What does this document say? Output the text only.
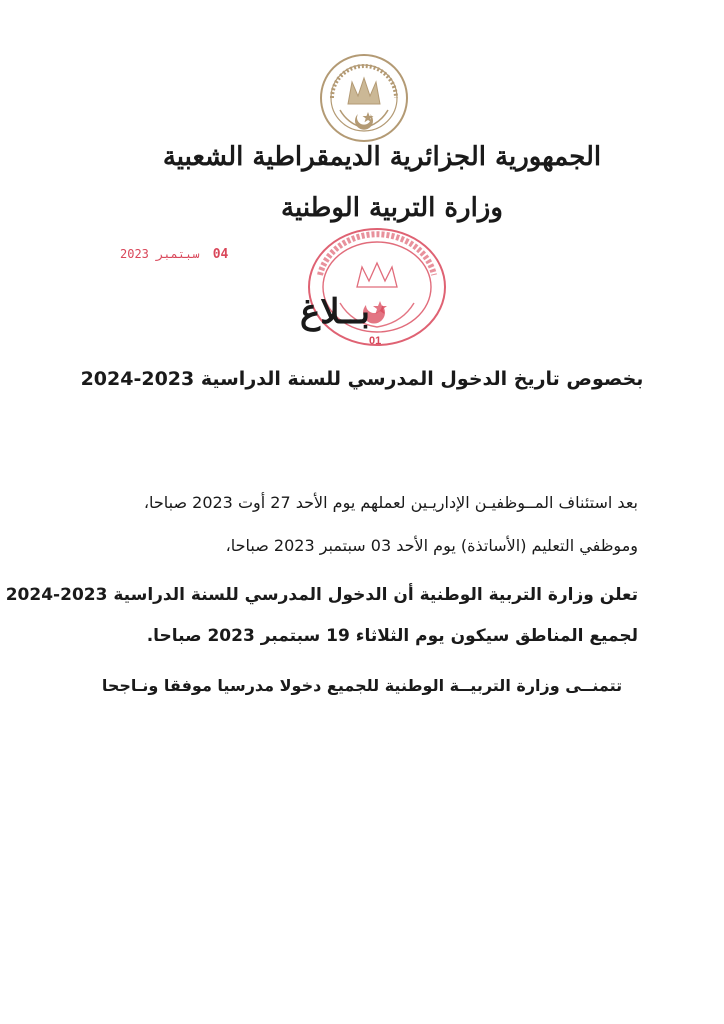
الجمهورية الجزائرية الديمقراطية الشعبية
وزارة التربية الوطنية
04 سبتمبر 2023
01
بــلاغ
بخصوص تاريخ الدخول المدرسي للسنة الدراسية 2023-2024
بعد استئناف المــوظفيـن الإداريـين لعملهم يوم الأحد 27 أوت 2023 صباحا،
وموظفي التعليم (الأساتذة) يوم الأحد 03 سبتمبر 2023 صباحا،
تعلن وزارة التربية الوطنية أن الدخول المدرسي للسنة الدراسية 2023-2024
لجميع المناطق سيكون يوم الثلاثاء 19 سبتمبر 2023 صباحا.
تتمنــى وزارة التربيــة الوطنية للجميع دخولا مدرسيا موفقا ونـاجحا
